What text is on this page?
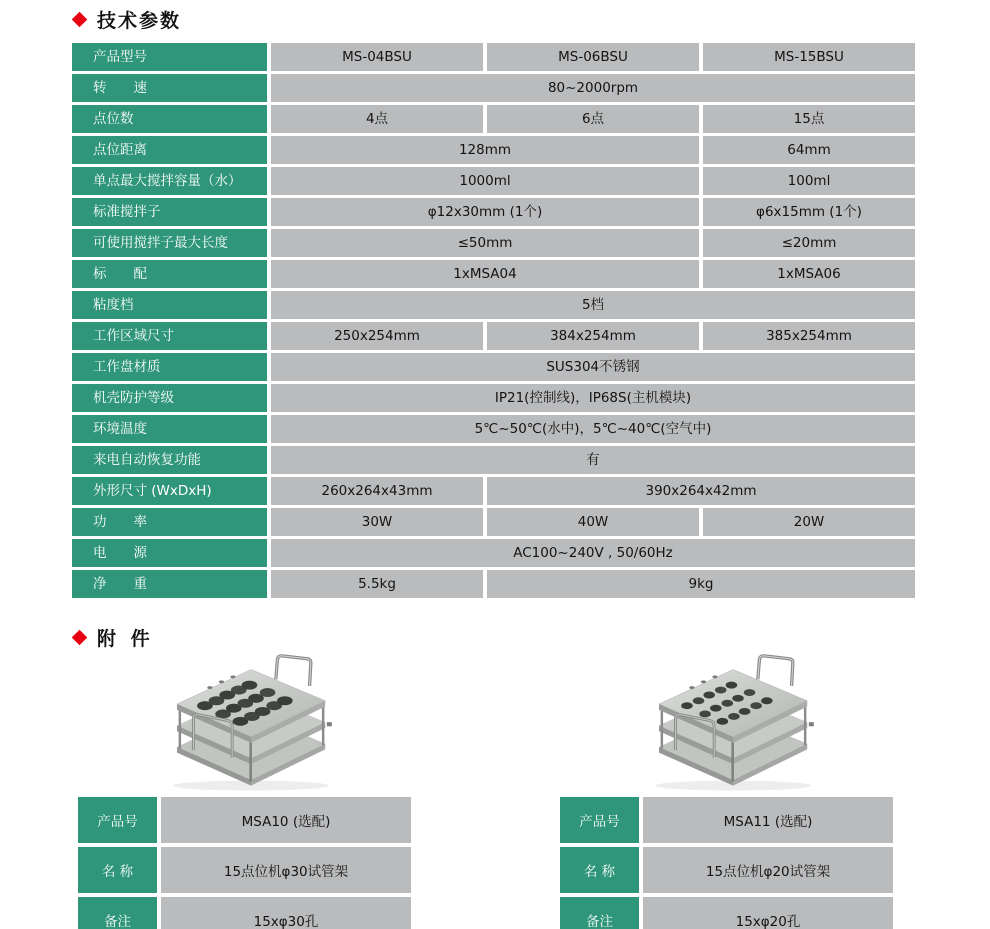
技术参数
产品型号	MS-04BSU	MS-06BSU	MS-15BSU
转　　速	80~2000rpm
点位数	4点	6点	15点
点位距离	128mm	64mm
单点最大搅拌容量（水）	1000ml	100ml
标准搅拌子	φ12x30mm (1个)	φ6x15mm (1个)
可使用搅拌子最大长度	≤50mm	≤20mm
标　　配	1xMSA04	1xMSA06
粘度档	5档
工作区域尺寸	250x254mm	384x254mm	385x254mm
工作盘材质	SUS304不锈钢
机壳防护等级	IP21(控制线)，IP68S(主机模块)
环境温度	5℃~50℃(水中)，5℃~40℃(空气中)
来电自动恢复功能	有
外形尺寸 (WxDxH)	260x264x43mm	390x264x42mm
功　　率	30W	40W	20W
电　　源	AC100~240V , 50/60Hz
净　　重	5.5kg	9kg
附 件
产品号	MSA10 (选配)
名 称	15点位机φ30试管架
备注	15xφ30孔
产品号	MSA11 (选配)
名 称	15点位机φ20试管架
备注	15xφ20孔
